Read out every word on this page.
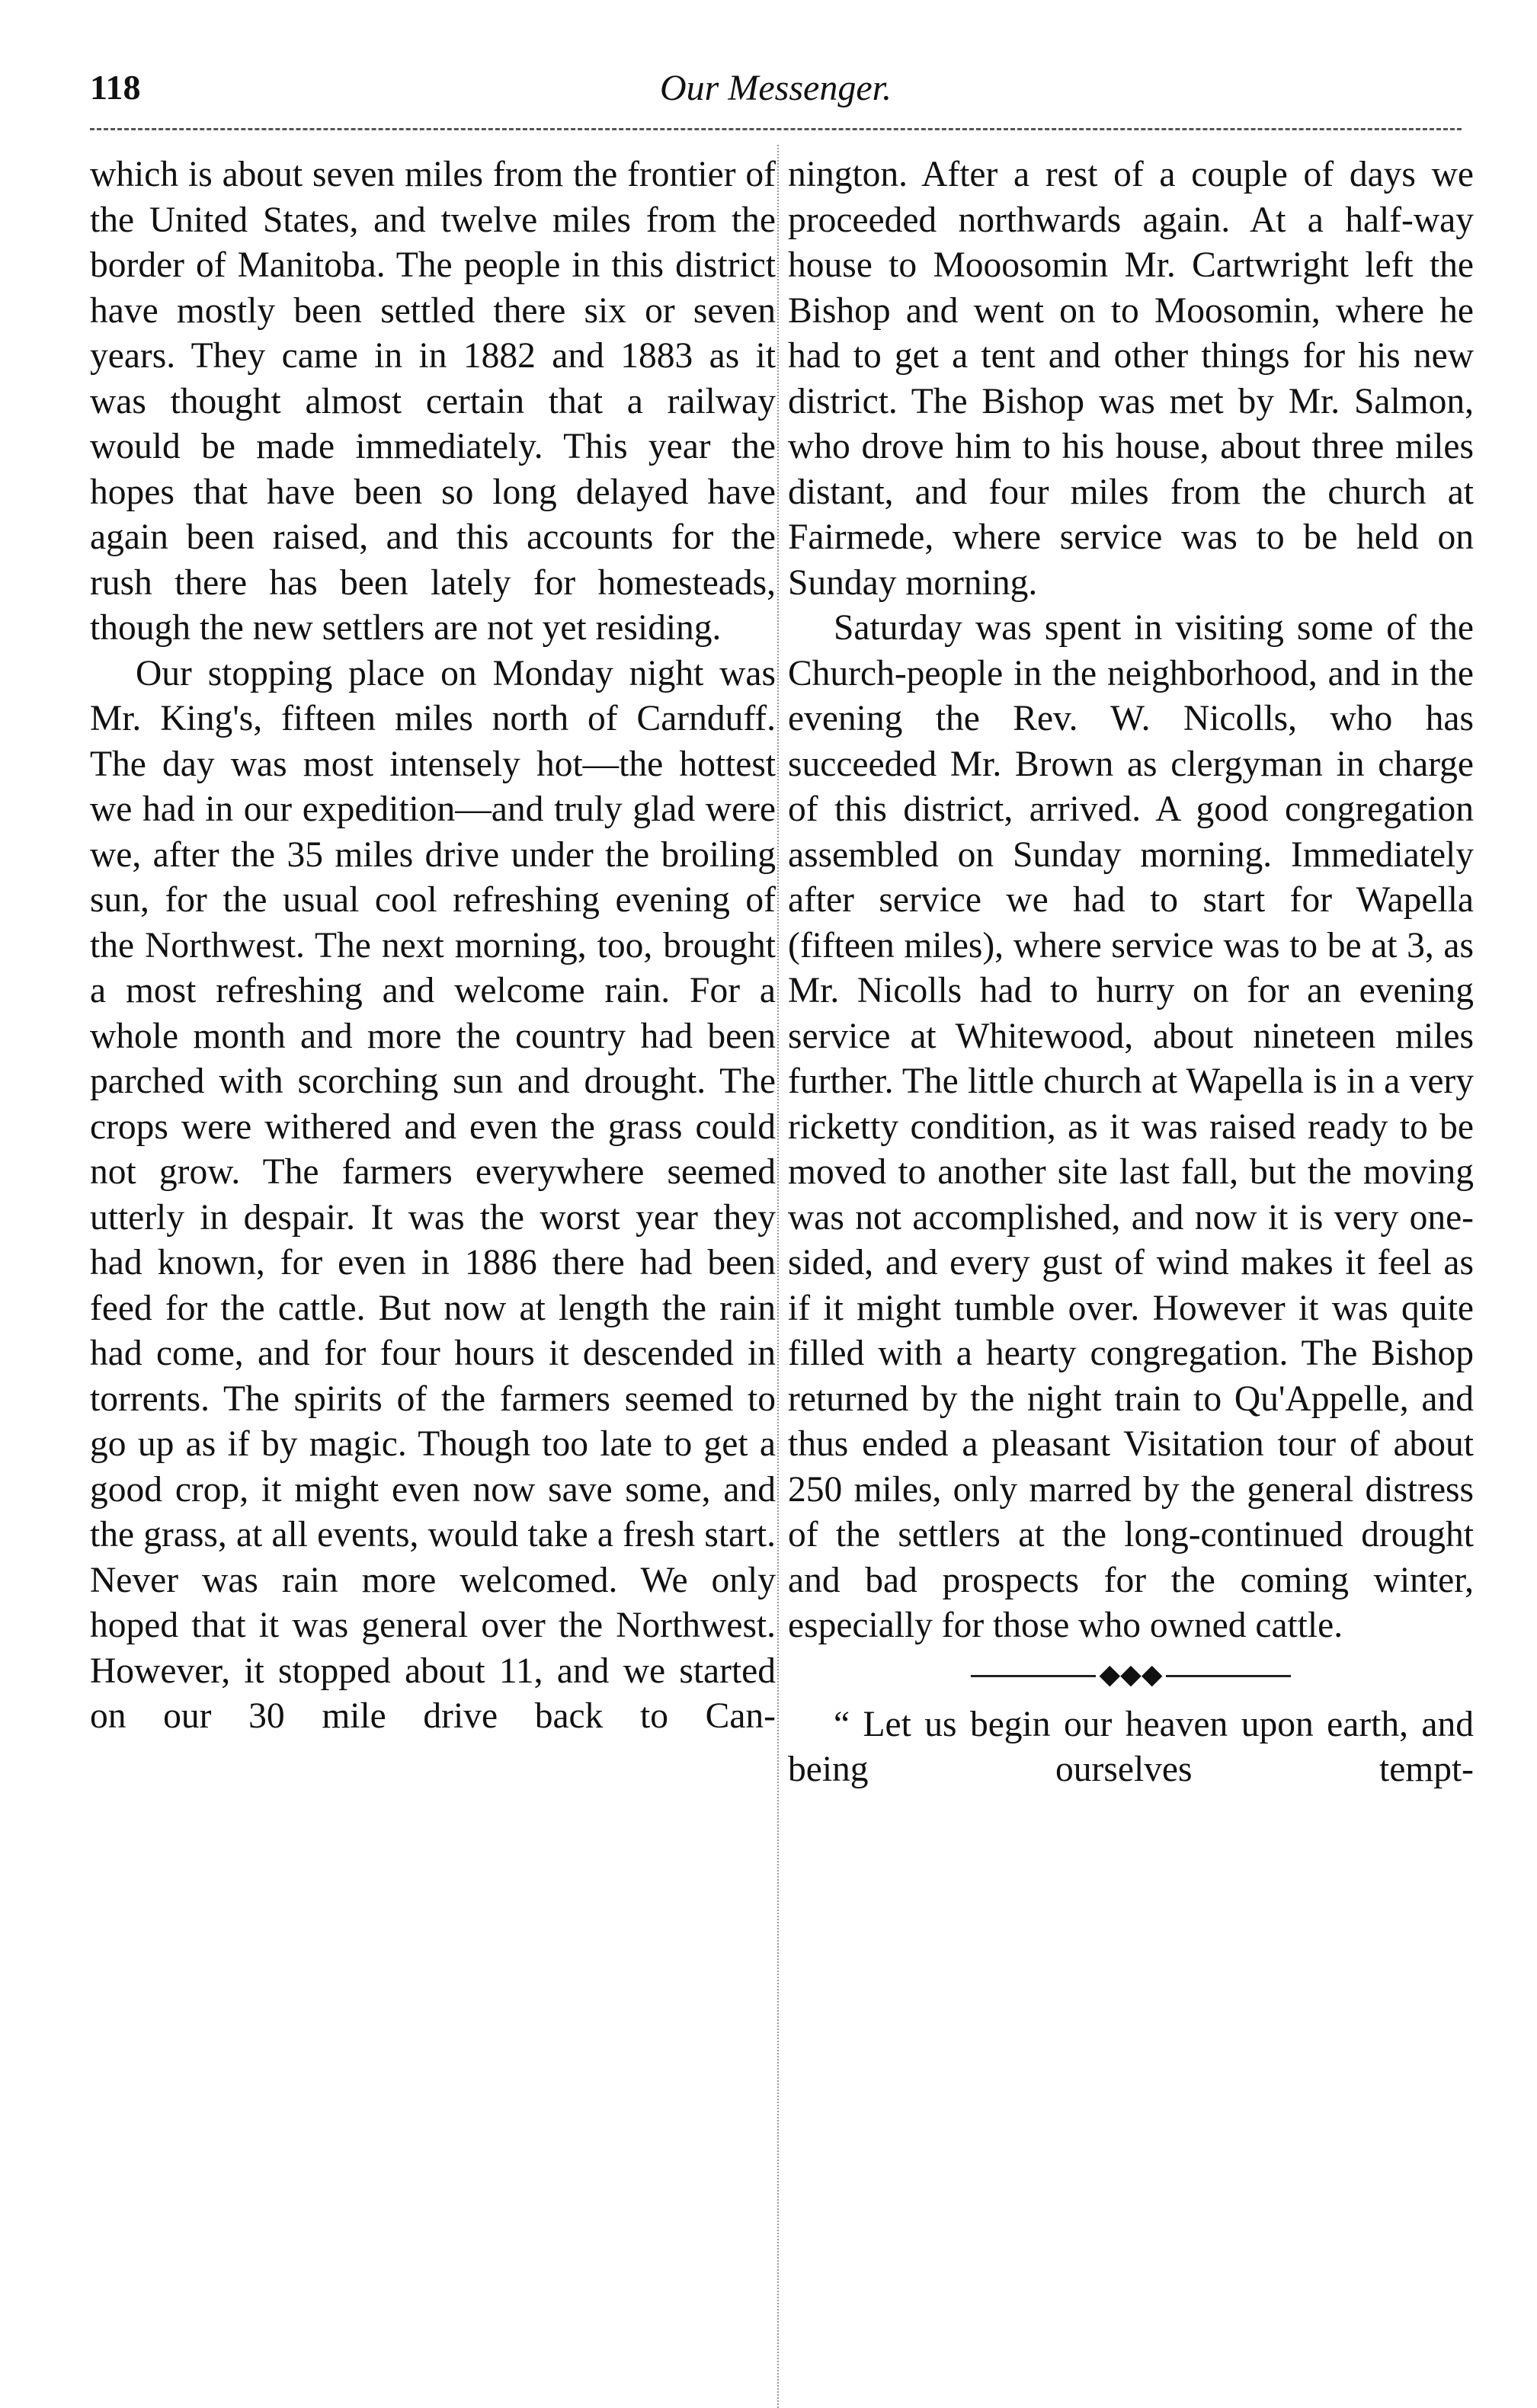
118	Our Messenger.

which is about seven miles from the frontier of the United States, and twelve miles from the border of Manitoba. The people in this district have mostly been settled there six or seven years. They came in in 1882 and 1883 as it was thought almost certain that a railway would be made immediately. This year the hopes that have been so long delayed have again been raised, and this accounts for the rush there has been lately for homesteads, though the new settlers are not yet residing.

Our stopping place on Monday night was Mr. King's, fifteen miles north of Carnduff. The day was most intensely hot—the hottest we had in our expedition—and truly glad were we, after the 35 miles drive under the broiling sun, for the usual cool refreshing evening of the Northwest. The next morning, too, brought a most refreshing and welcome rain. For a whole month and more the country had been parched with scorching sun and drought. The crops were withered and even the grass could not grow. The farmers everywhere seemed utterly in despair. It was the worst year they had known, for even in 1886 there had been feed for the cattle. But now at length the rain had come, and for four hours it descended in torrents. The spirits of the farmers seemed to go up as if by magic. Though too late to get a good crop, it might even now save some, and the grass, at all events, would take a fresh start. Never was rain more welcomed. We only hoped that it was general over the Northwest. However, it stopped about 11, and we started on our 30 mile drive back to Can-

nington. After a rest of a couple of days we proceeded northwards again. At a half-way house to Mooosomin Mr. Cartwright left the Bishop and went on to Moosomin, where he had to get a tent and other things for his new district. The Bishop was met by Mr. Salmon, who drove him to his house, about three miles distant, and four miles from the church at Fairmede, where service was to be held on Sunday morning.

Saturday was spent in visiting some of the Church-people in the neighborhood, and in the evening the Rev. W. Nicolls, who has succeeded Mr. Brown as clergyman in charge of this district, arrived. A good congregation assembled on Sunday morning. Immediately after service we had to start for Wapella (fifteen miles), where service was to be at 3, as Mr. Nicolls had to hurry on for an evening service at Whitewood, about nineteen miles further. The little church at Wapella is in a very ricketty condition, as it was raised ready to be moved to another site last fall, but the moving was not accomplished, and now it is very one-sided, and every gust of wind makes it feel as if it might tumble over. However it was quite filled with a hearty congregation. The Bishop returned by the night train to Qu'Appelle, and thus ended a pleasant Visitation tour of about 250 miles, only marred by the general distress of the settlers at the long-continued drought and bad prospects for the coming winter, especially for those who owned cattle.

◆◆◆

“ Let us begin our heaven upon earth, and being ourselves tempt-
